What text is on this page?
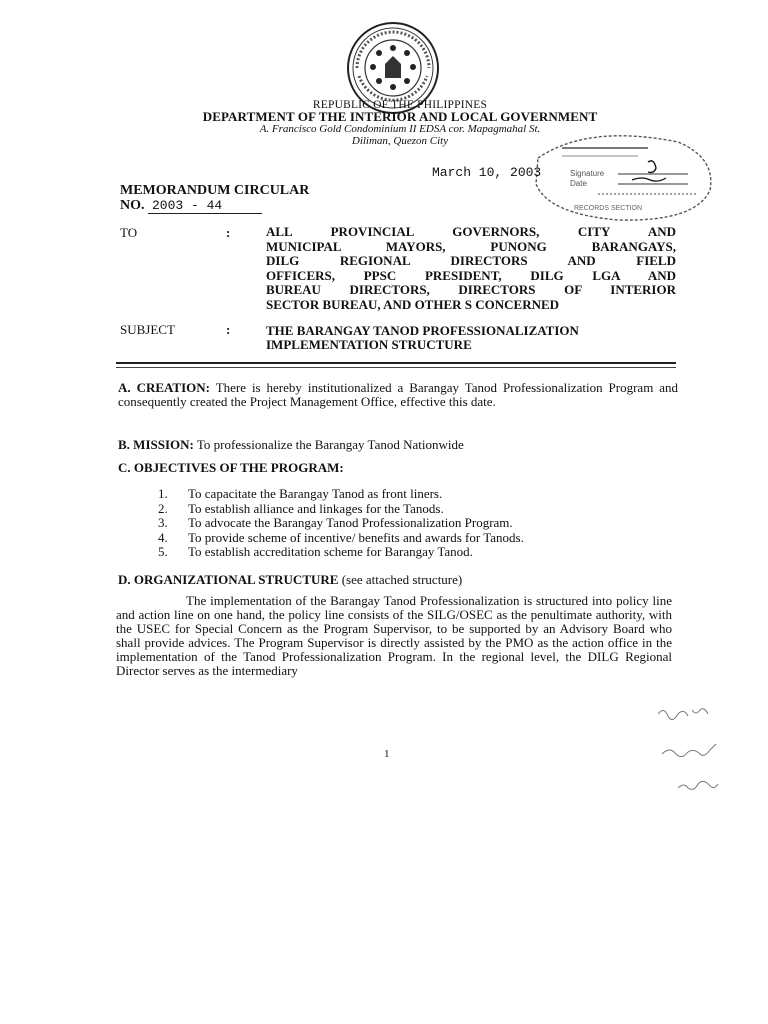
REPUBLIC OF THE PHILIPPINES
DEPARTMENT OF THE INTERIOR AND LOCAL GOVERNMENT
A. Francisco Gold Condominium II EDSA cor. Mapagmahal St.
Diliman, Quezon City
Signature
Date
RECORDS SECTION
March 10, 2003
MEMORANDUM CIRCULAR
NO. 2003 - 44
TO	:	ALL PROVINCIAL GOVERNORS, CITY AND
MUNICIPAL MAYORS, PUNONG BARANGAYS,
DILG REGIONAL DIRECTORS AND FIELD
OFFICERS, PPSC PRESIDENT, DILG LGA AND
BUREAU DIRECTORS, DIRECTORS OF INTERIOR
SECTOR BUREAU, AND OTHER S CONCERNED
SUBJECT	:	THE BARANGAY TANOD PROFESSIONALIZATION
IMPLEMENTATION STRUCTURE
A. CREATION: There is hereby institutionalized a Barangay Tanod Professionalization Program and consequently created the Project Management Office, effective this date.
B. MISSION: To professionalize the Barangay Tanod Nationwide
C. OBJECTIVES OF THE PROGRAM:
1.	To capacitate the Barangay Tanod as front liners.
2.	To establish alliance and linkages for the Tanods.
3.	To advocate the Barangay Tanod Professionalization Program.
4.	To provide scheme of incentive/ benefits and awards for Tanods.
5.	To establish accreditation scheme for Barangay Tanod.
D. ORGANIZATIONAL STRUCTURE (see attached structure)
The implementation of the Barangay Tanod Professionalization is structured into policy line and action line on one hand, the policy line consists of the SILG/OSEC as the penultimate authority, with the USEC for Special Concern as the Program Supervisor, to be supported by an Advisory Board who shall provide advices. The Program Supervisor is directly assisted by the PMO as the action office in the implementation of the Tanod Professionalization Program. In the regional level, the DILG Regional Director serves as the intermediary
1
